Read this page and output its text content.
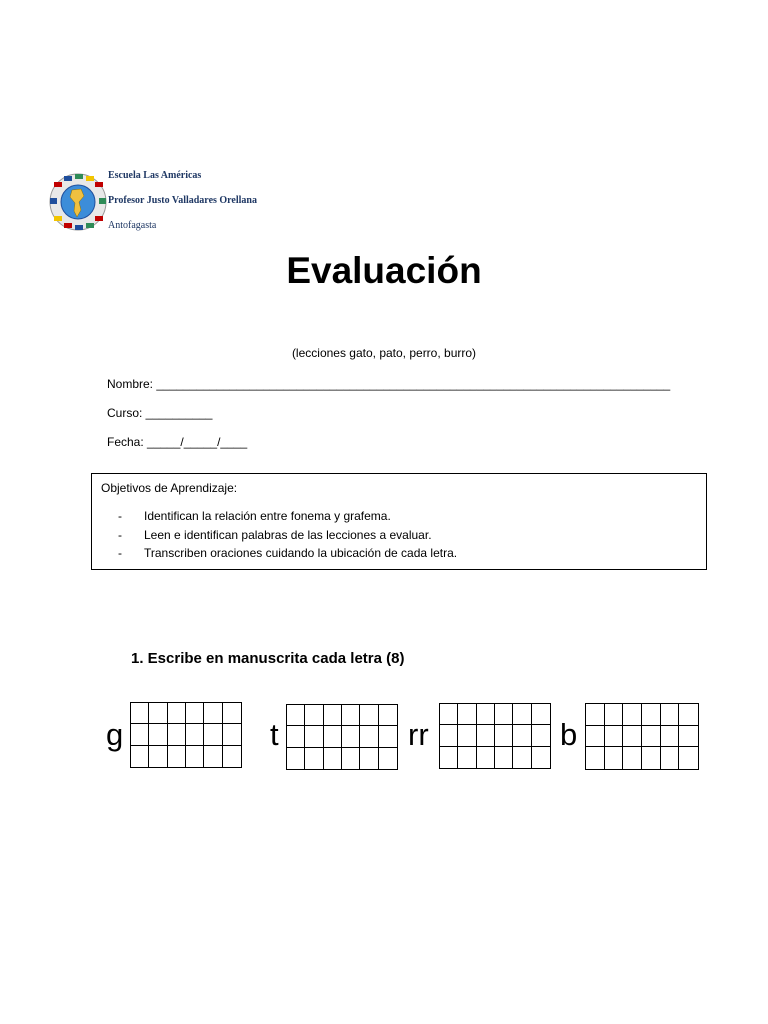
Escuela Las Américas
Profesor Justo Valladares Orellana
Antofagasta
Evaluación
(lecciones gato, pato, perro, burro)
Nombre: _____________________________________________________________________________
Curso: __________
Fecha: _____/_____/____
Objetivos de Aprendizaje:
- Identifican la relación entre fonema y grafema.
- Leen e identifican palabras de las lecciones a evaluar.
- Transcriben oraciones cuidando la ubicación de cada letra.
1. Escribe en manuscrita cada letra (8)
g	t	rr	b
